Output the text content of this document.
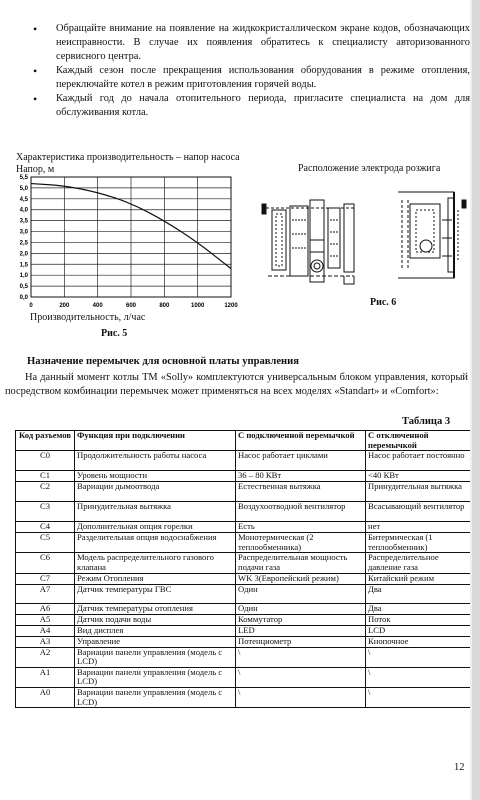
• Обращайте внимание на появление на жидкокристаллическом экране кодов, обозначающих неисправности. В случае их появления обратитесь к специалисту авторизованного сервисного центра.
• Каждый сезон после прекращения использования оборудования в режиме отопления, переключайте котел в режим приготовления горячей воды.
• Каждый год до начала отопительного периода, пригласите специалиста на дом для обслуживания котла.
Характеристика производительность – напор насоса
Напор, м
0,0
0,5
1,0
1,5
2,0
2,5
3,0
3,5
4,0
4,5
5,0
5,5
0	200	400	600	800	1000	1200
Производительность, л/час
Рис. 5
Расположение электрода розжига
Рис. 6
Назначение перемычек для основной платы управления
На данный момент котлы ТМ «Solly» комплектуются универсальным блоком управления, который посредством комбинации перемычек может применяться на всех моделях «Standart» и «Comfort»:
Таблица 3
Код разъемов	Функция при подключении	С подключенной перемычкой	С отключенной перемычкой
C0	Продолжительность работы насоса	Насос работает циклами	Насос работает постоянно
C1	Уровень мощности	36 – 80 КВт	<40 КВт
C2	Вариации дымоотвода	Естественная вытяжка	Принудительная вытяжка
C3	Принудительная вытяжка	Воздухоотводной вентилятор	Всасывающий вентилятор
C4	Дополнительная опция горелки	Есть	нет
C5	Разделительная опция водоснабжения	Монотермическая (2 теплообменника)	Битермическая (1 теплообменник)
C6	Модель распределительного газового клапана	Распределительная мощность подачи газа	Распределительное давление газа
C7	Режим Отопления	WK 3(Европейский режим)	Китайский режим
A7	Датчик температуры ГВС	Один	Два
A6	Датчик температуры отопления	Один	Два
A5	Датчик подачи воды	Коммутатор	Поток
A4	Вид дисплея	LED	LCD
A3	Управление	Потенциометр	Кнопочное
A2	Вариации панели управления (модель с LCD)	\	\
A1	Вариации панели управления (модель с LCD)	\	\
A0	Вариации панели управления (модель с LCD)	\	\
12
